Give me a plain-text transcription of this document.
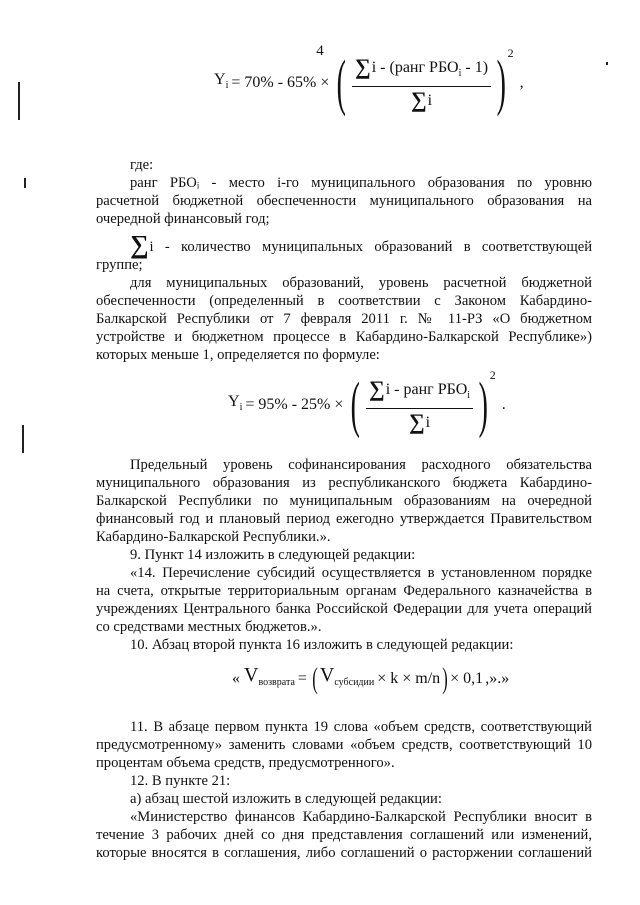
4
$Y_i = 70\% - 65\%$ × ( $\frac{\sum i - (ранг РБО_i - 1)}{\sum i}$ ) 2
,
где:
ранг РБОᵢ - место i-го муниципального образования по уровню
расчетной бюджетной обеспеченности муниципального образования на
очередной финансовый год;
∑i - количество муниципальных образований в соответствующей
группе;
для муниципальных образований, уровень расчетной бюджетной
обеспеченности (определенный в соответствии с Законом Кабардино-
Балкарской Республики от 7 февраля 2011 г. № 11-РЗ «О бюджетном
устройстве и бюджетном процессе в Кабардино-Балкарской Республике»)
которых меньше 1, определяется по формуле:
$Y_i = 95\% - 25\%$ × ( $\frac{\sum i - ранг РБО_i}{\sum i}$ ) 2
.
Предельный уровень софинансирования расходного обязательства
муниципального образования из республиканского бюджета Кабардино-
Балкарской Республики по муниципальным образованиям на очередной
финансовый год и плановый период ежегодно утверждается Правительством
Кабардино-Балкарской Республики.».
9. Пункт 14 изложить в следующей редакции:
«14. Перечисление субсидий осуществляется в установленном порядке
на счета, открытые территориальным органам Федерального казначейства в
учреждениях Центрального банка Российской Федерации для учета операций
со средствами местных бюджетов.».
10. Абзац второй пункта 16 изложить в следующей редакции:
« $V_{возврата}$ = ( $V_{субсидии} \times k \times m/n$ ) × 0,1 ,».»
11. В абзаце первом пункта 19 слова «объем средств, соответствующий
предусмотренному» заменить словами «объем средств, соответствующий 10
процентам объема средств, предусмотренного».
12. В пункте 21:
а) абзац шестой изложить в следующей редакции:
«Министерство финансов Кабардино-Балкарской Республики вносит в
течение 3 рабочих дней со дня представления соглашений или изменений,
которые вносятся в соглашения, либо соглашений о расторжении соглашений
